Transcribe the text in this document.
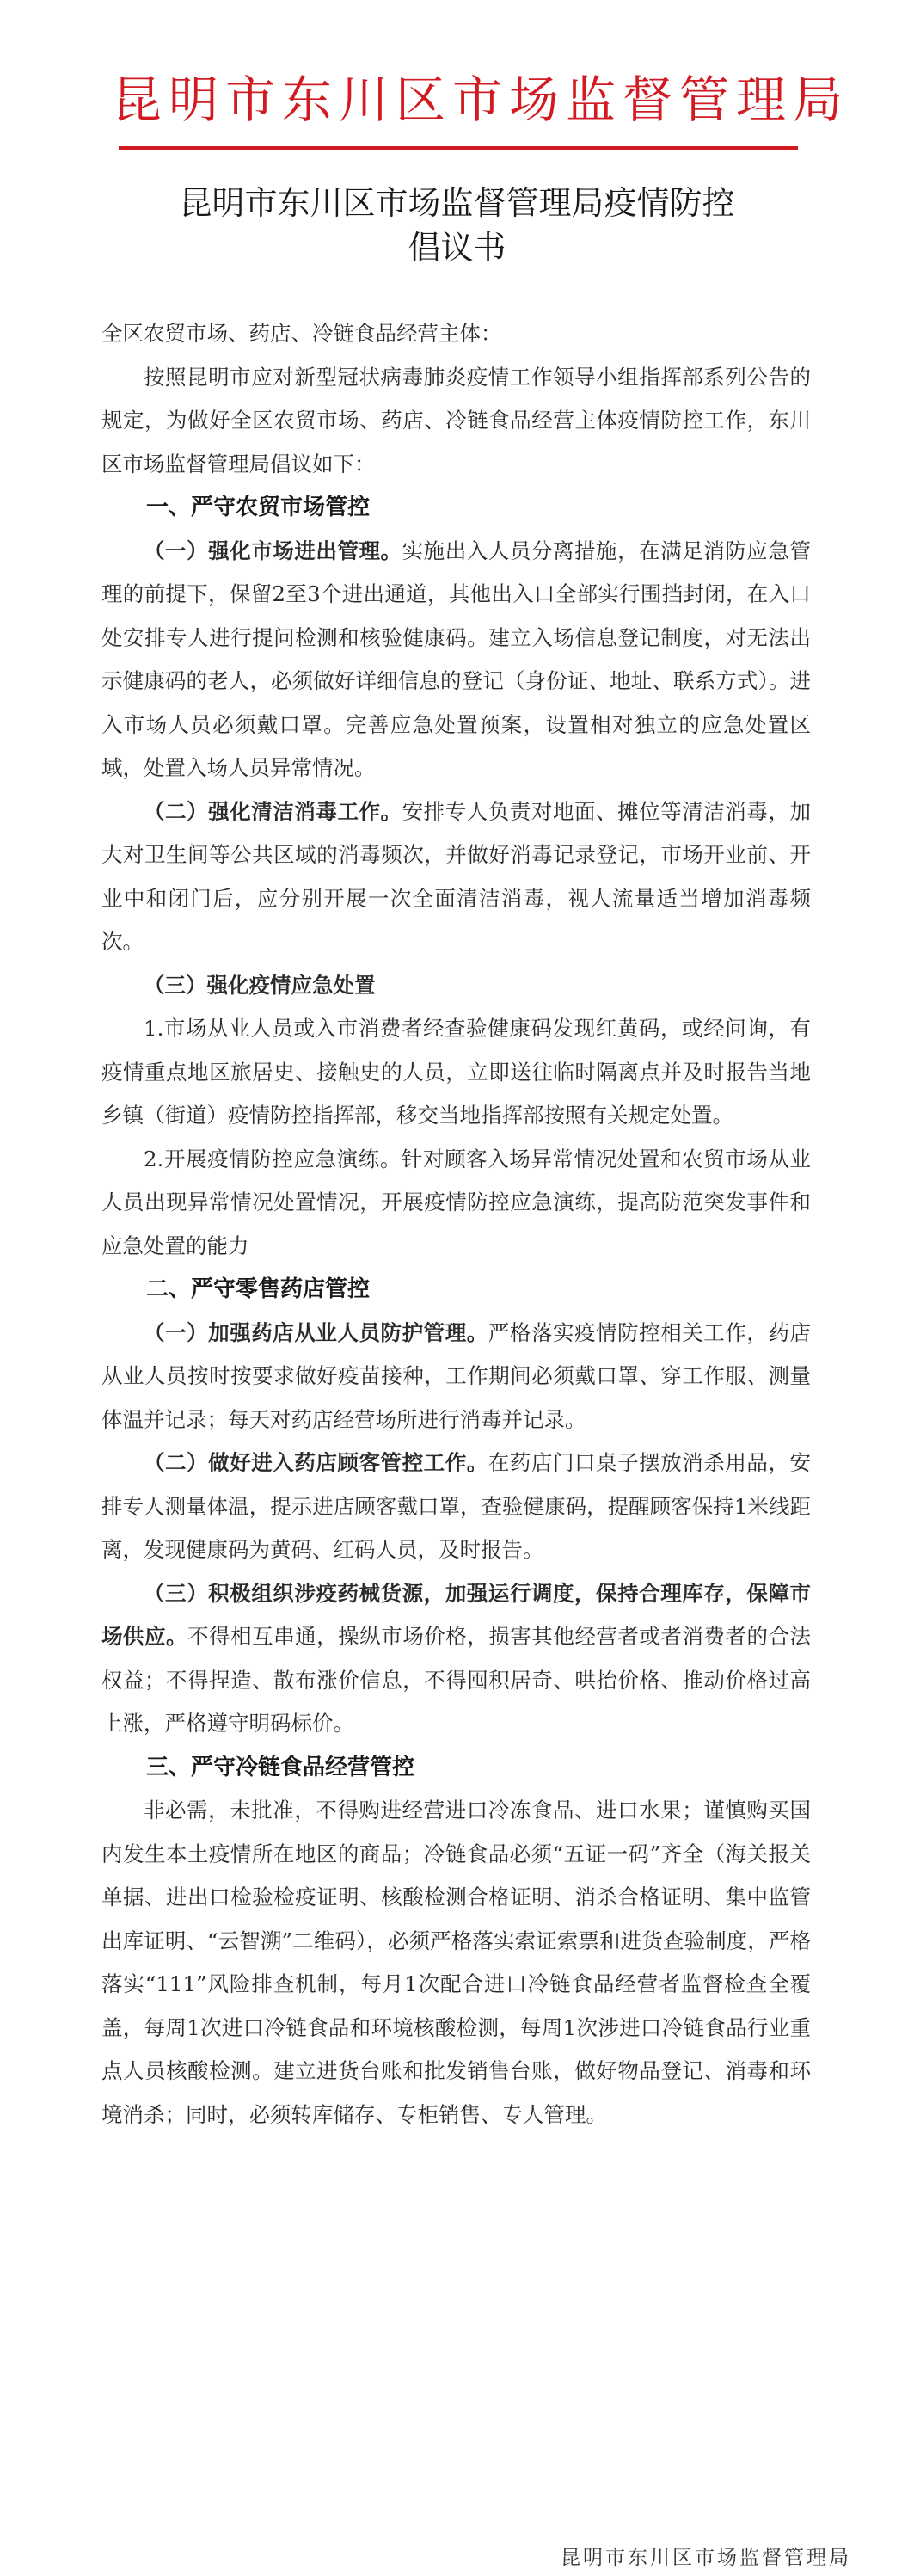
昆明市东川区市场监督管理局
昆明市东川区市场监督管理局疫情防控
倡议书

全区农贸市场、药店、冷链食品经营主体：

按照昆明市应对新型冠状病毒肺炎疫情工作领导小组指挥部系列公告的规定，为做好全区农贸市场、药店、冷链食品经营主体疫情防控工作，东川区市场监督管理局倡议如下：

一、严守农贸市场管控

（一）强化市场进出管理。实施出入人员分离措施，在满足消防应急管理的前提下，保留2至3个进出通道，其他出入口全部实行围挡封闭，在入口处安排专人进行提问检测和核验健康码。建立入场信息登记制度，对无法出示健康码的老人，必须做好详细信息的登记（身份证、地址、联系方式）。进入市场人员必须戴口罩。完善应急处置预案，设置相对独立的应急处置区域，处置入场人员异常情况。

（二）强化清洁消毒工作。安排专人负责对地面、摊位等清洁消毒，加大对卫生间等公共区域的消毒频次，并做好消毒记录登记，市场开业前、开业中和闭门后，应分别开展一次全面清洁消毒，视人流量适当增加消毒频次。

（三）强化疫情应急处置

1.市场从业人员或入市消费者经查验健康码发现红黄码，或经问询，有疫情重点地区旅居史、接触史的人员，立即送往临时隔离点并及时报告当地乡镇（街道）疫情防控指挥部，移交当地指挥部按照有关规定处置。

2.开展疫情防控应急演练。针对顾客入场异常情况处置和农贸市场从业人员出现异常情况处置情况，开展疫情防控应急演练，提高防范突发事件和应急处置的能力

二、严守零售药店管控

（一）加强药店从业人员防护管理。严格落实疫情防控相关工作，药店从业人员按时按要求做好疫苗接种，工作期间必须戴口罩、穿工作服、测量体温并记录；每天对药店经营场所进行消毒并记录。

（二）做好进入药店顾客管控工作。在药店门口桌子摆放消杀用品，安排专人测量体温，提示进店顾客戴口罩，查验健康码，提醒顾客保持1米线距离，发现健康码为黄码、红码人员，及时报告。

（三）积极组织涉疫药械货源，加强运行调度，保持合理库存，保障市场供应。不得相互串通，操纵市场价格，损害其他经营者或者消费者的合法权益；不得捏造、散布涨价信息，不得囤积居奇、哄抬价格、推动价格过高上涨，严格遵守明码标价。

三、严守冷链食品经营管控

非必需，未批准，不得购进经营进口冷冻食品、进口水果；谨慎购买国内发生本土疫情所在地区的商品；冷链食品必须“五证一码”齐全（海关报关单据、进出口检验检疫证明、核酸检测合格证明、消杀合格证明、集中监管出库证明、“云智溯”二维码），必须严格落实索证索票和进货查验制度，严格落实“111”风险排查机制，每月1次配合进口冷链食品经营者监督检查全覆盖，每周1次进口冷链食品和环境核酸检测，每周1次涉进口冷链食品行业重点人员核酸检测。建立进货台账和批发销售台账，做好物品登记、消毒和环境消杀；同时，必须转库储存、专柜销售、专人管理。

昆明市东川区市场监督管理局
